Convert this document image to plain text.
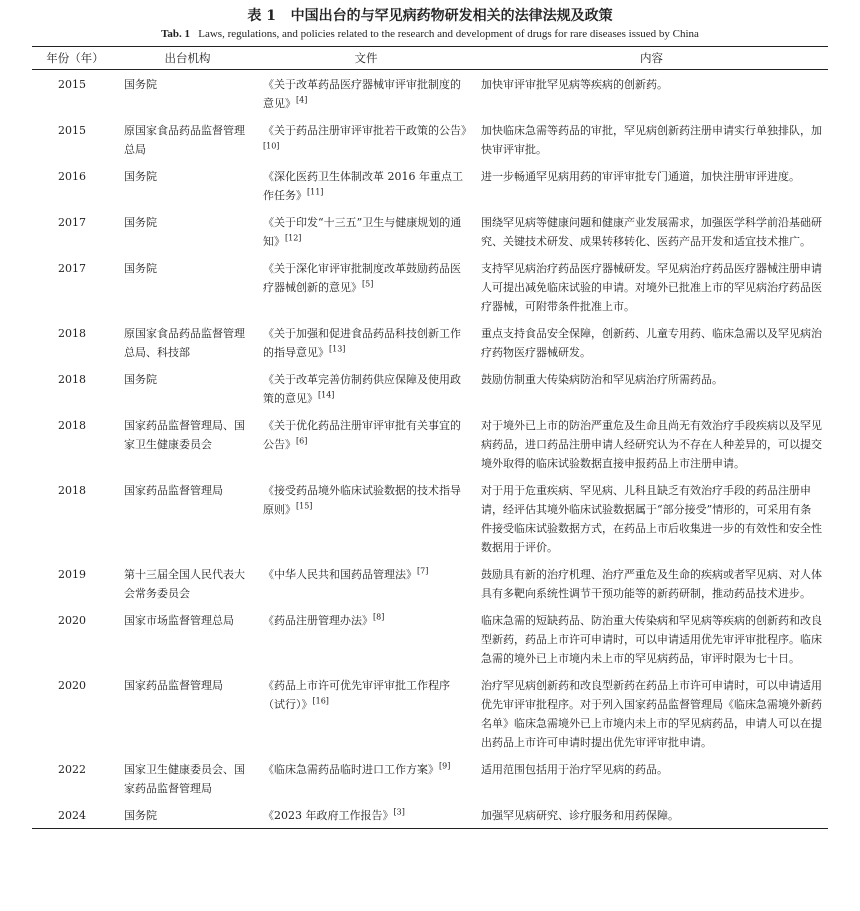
表 1 中国出台的与罕见病药物研发相关的法律法规及政策
Tab. 1 Laws, regulations, and policies related to the research and development of drugs for rare diseases issued by China
年份（年）	出台机构	文件	内容
2015	国务院	《关于改革药品医疗器械审评审批制度的意见》[4]	加快审评审批罕见病等疾病的创新药。
2015	原国家食品药品监督管理总局	《关于药品注册审评审批若干政策的公告》[10]	加快临床急需等药品的审批，罕见病创新药注册申请实行单独排队，加快审评审批。
2016	国务院	《深化医药卫生体制改革 2016 年重点工作任务》[11]	进一步畅通罕见病用药的审评审批专门通道，加快注册审评进度。
2017	国务院	《关于印发“十三五”卫生与健康规划的通知》[12]	围绕罕见病等健康问题和健康产业发展需求，加强医学科学前沿基础研究、关键技术研发、成果转移转化、医药产品开发和适宜技术推广。
2017	国务院	《关于深化审评审批制度改革鼓励药品医疗器械创新的意见》[5]	支持罕见病治疗药品医疗器械研发。罕见病治疗药品医疗器械注册申请人可提出减免临床试验的申请。对境外已批准上市的罕见病治疗药品医疗器械，可附带条件批准上市。
2018	原国家食品药品监督管理总局、科技部	《关于加强和促进食品药品科技创新工作的指导意见》[13]	重点支持食品安全保障，创新药、儿童专用药、临床急需以及罕见病治疗药物医疗器械研发。
2018	国务院	《关于改革完善仿制药供应保障及使用政策的意见》[14]	鼓励仿制重大传染病防治和罕见病治疗所需药品。
2018	国家药品监督管理局、国家卫生健康委员会	《关于优化药品注册审评审批有关事宜的公告》[6]	对于境外已上市的防治严重危及生命且尚无有效治疗手段疾病以及罕见病药品，进口药品注册申请人经研究认为不存在人种差异的，可以提交境外取得的临床试验数据直接申报药品上市注册申请。
2018	国家药品监督管理局	《接受药品境外临床试验数据的技术指导原则》[15]	对于用于危重疾病、罕见病、儿科且缺乏有效治疗手段的药品注册申请，经评估其境外临床试验数据属于“部分接受”情形的，可采用有条件接受临床试验数据方式，在药品上市后收集进一步的有效性和安全性数据用于评价。
2019	第十三届全国人民代表大会常务委员会	《中华人民共和国药品管理法》[7]	鼓励具有新的治疗机理、治疗严重危及生命的疾病或者罕见病、对人体具有多靶向系统性调节干预功能等的新药研制，推动药品技术进步。
2020	国家市场监督管理总局	《药品注册管理办法》[8]	临床急需的短缺药品、防治重大传染病和罕见病等疾病的创新药和改良型新药，药品上市许可申请时，可以申请适用优先审评审批程序。临床急需的境外已上市境内未上市的罕见病药品，审评时限为七十日。
2020	国家药品监督管理局	《药品上市许可优先审评审批工作程序（试行）》[16]	治疗罕见病创新药和改良型新药在药品上市许可申请时，可以申请适用优先审评审批程序。对于列入国家药品监督管理局《临床急需境外新药名单》临床急需境外已上市境内未上市的罕见病药品，申请人可以在提出药品上市许可申请时提出优先审评审批申请。
2022	国家卫生健康委员会、国家药品监督管理局	《临床急需药品临时进口工作方案》[9]	适用范围包括用于治疗罕见病的药品。
2024	国务院	《2023 年政府工作报告》[3]	加强罕见病研究、诊疗服务和用药保障。
